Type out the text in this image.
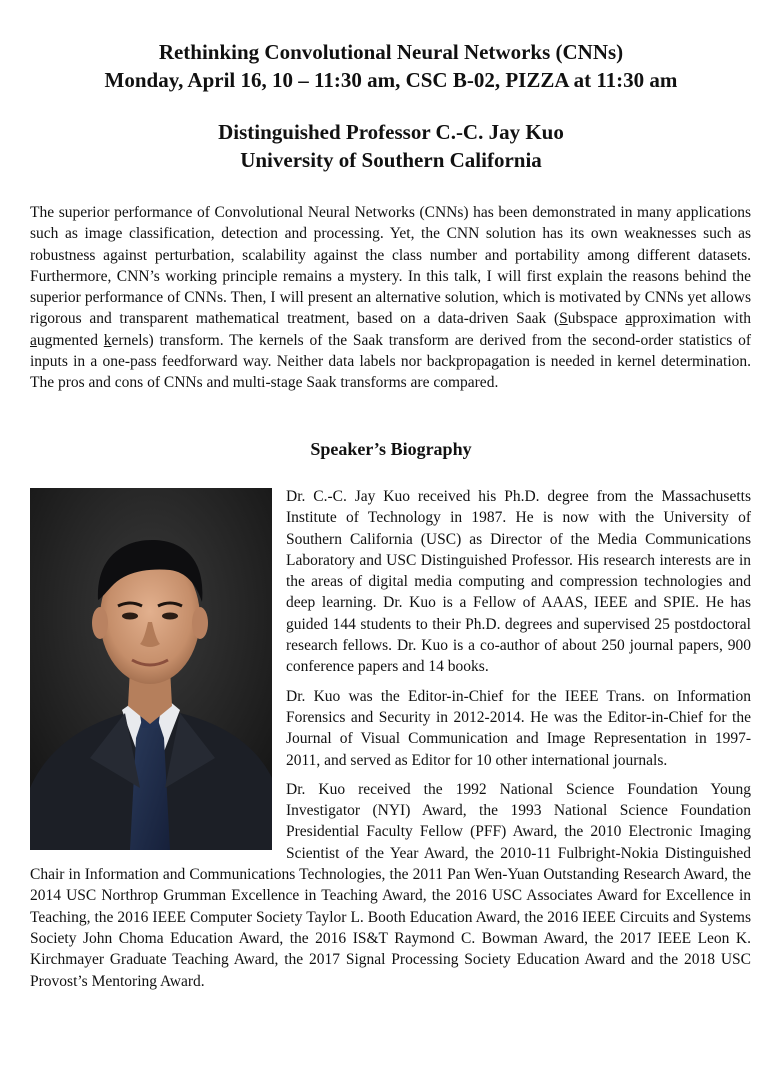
Rethinking Convolutional Neural Networks (CNNs)
Monday, April 16, 10 – 11:30 am, CSC B-02, PIZZA at 11:30 am
Distinguished Professor C.-C. Jay Kuo
University of Southern California

The superior performance of Convolutional Neural Networks (CNNs) has been demonstrated in many applications such as image classification, detection and processing. Yet, the CNN solution has its own weaknesses such as robustness against perturbation, scalability against the class number and portability among different datasets. Furthermore, CNN’s working principle remains a mystery. In this talk, I will first explain the reasons behind the superior performance of CNNs. Then, I will present an alternative solution, which is motivated by CNNs yet allows rigorous and transparent mathematical treatment, based on a data-driven Saak (Subspace approximation with augmented kernels) transform. The kernels of the Saak transform are derived from the second-order statistics of inputs in a one-pass feedforward way. Neither data labels nor backpropagation is needed in kernel determination. The pros and cons of CNNs and multi-stage Saak transforms are compared.

Speaker’s Biography

Dr. C.-C. Jay Kuo received his Ph.D. degree from the Massachusetts Institute of Technology in 1987. He is now with the University of Southern California (USC) as Director of the Media Communications Laboratory and USC Distinguished Professor. His research interests are in the areas of digital media computing and compression technologies and deep learning. Dr. Kuo is a Fellow of AAAS, IEEE and SPIE. He has guided 144 students to their Ph.D. degrees and supervised 25 postdoctoral research fellows. Dr. Kuo is a co-author of about 250 journal papers, 900 conference papers and 14 books.

Dr. Kuo was the Editor-in-Chief for the IEEE Trans. on Information Forensics and Security in 2012-2014. He was the Editor-in-Chief for the Journal of Visual Communication and Image Representation in 1997-2011, and served as Editor for 10 other international journals.

Dr. Kuo received the 1992 National Science Foundation Young Investigator (NYI) Award, the 1993 National Science Foundation Presidential Faculty Fellow (PFF) Award, the 2010 Electronic Imaging Scientist of the Year Award, the 2010-11 Fulbright-Nokia Distinguished Chair in Information and Communications Technologies, the 2011 Pan Wen-Yuan Outstanding Research Award, the 2014 USC Northrop Grumman Excellence in Teaching Award, the 2016 USC Associates Award for Excellence in Teaching, the 2016 IEEE Computer Society Taylor L. Booth Education Award, the 2016 IEEE Circuits and Systems Society John Choma Education Award, the 2016 IS&T Raymond C. Bowman Award, the 2017 IEEE Leon K. Kirchmayer Graduate Teaching Award, the 2017 Signal Processing Society Education Award and the 2018 USC Provost’s Mentoring Award.
